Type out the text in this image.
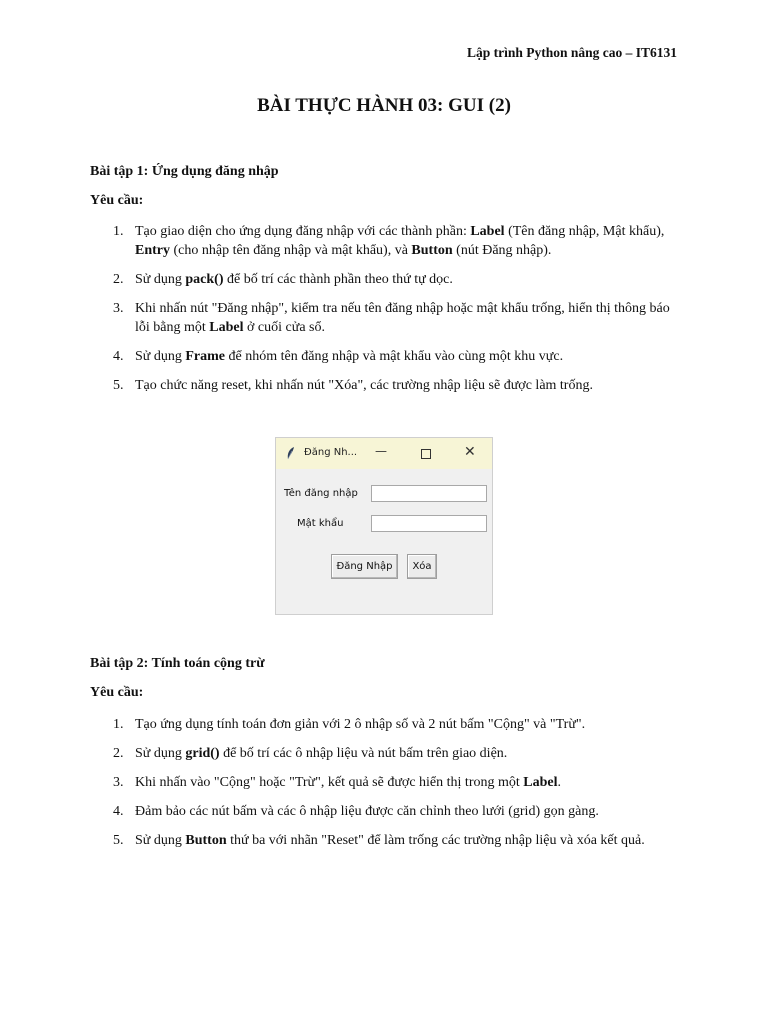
Lập trình Python nâng cao – IT6131
BÀI THỰC HÀNH 03: GUI (2)
Bài tập 1: Ứng dụng đăng nhập
Yêu cầu:
1. Tạo giao diện cho ứng dụng đăng nhập với các thành phần: Label (Tên đăng nhập, Mật khẩu), Entry (cho nhập tên đăng nhập và mật khẩu), và Button (nút Đăng nhập).
2. Sử dụng pack() để bố trí các thành phần theo thứ tự dọc.
3. Khi nhấn nút "Đăng nhập", kiểm tra nếu tên đăng nhập hoặc mật khẩu trống, hiển thị thông báo lỗi bằng một Label ở cuối cửa sổ.
4. Sử dụng Frame để nhóm tên đăng nhập và mật khẩu vào cùng một khu vực.
5. Tạo chức năng reset, khi nhấn nút "Xóa", các trường nhập liệu sẽ được làm trống.
Đăng Nh... —	✕
Tên đăng nhập
Mật khẩu
Đăng Nhập	Xóa
Bài tập 2: Tính toán cộng trừ
Yêu cầu:
1. Tạo ứng dụng tính toán đơn giản với 2 ô nhập số và 2 nút bấm "Cộng" và "Trừ".
2. Sử dụng grid() để bố trí các ô nhập liệu và nút bấm trên giao diện.
3. Khi nhấn vào "Cộng" hoặc "Trừ", kết quả sẽ được hiển thị trong một Label.
4. Đảm bảo các nút bấm và các ô nhập liệu được căn chỉnh theo lưới (grid) gọn gàng.
5. Sử dụng Button thứ ba với nhãn "Reset" để làm trống các trường nhập liệu và xóa kết quả.
